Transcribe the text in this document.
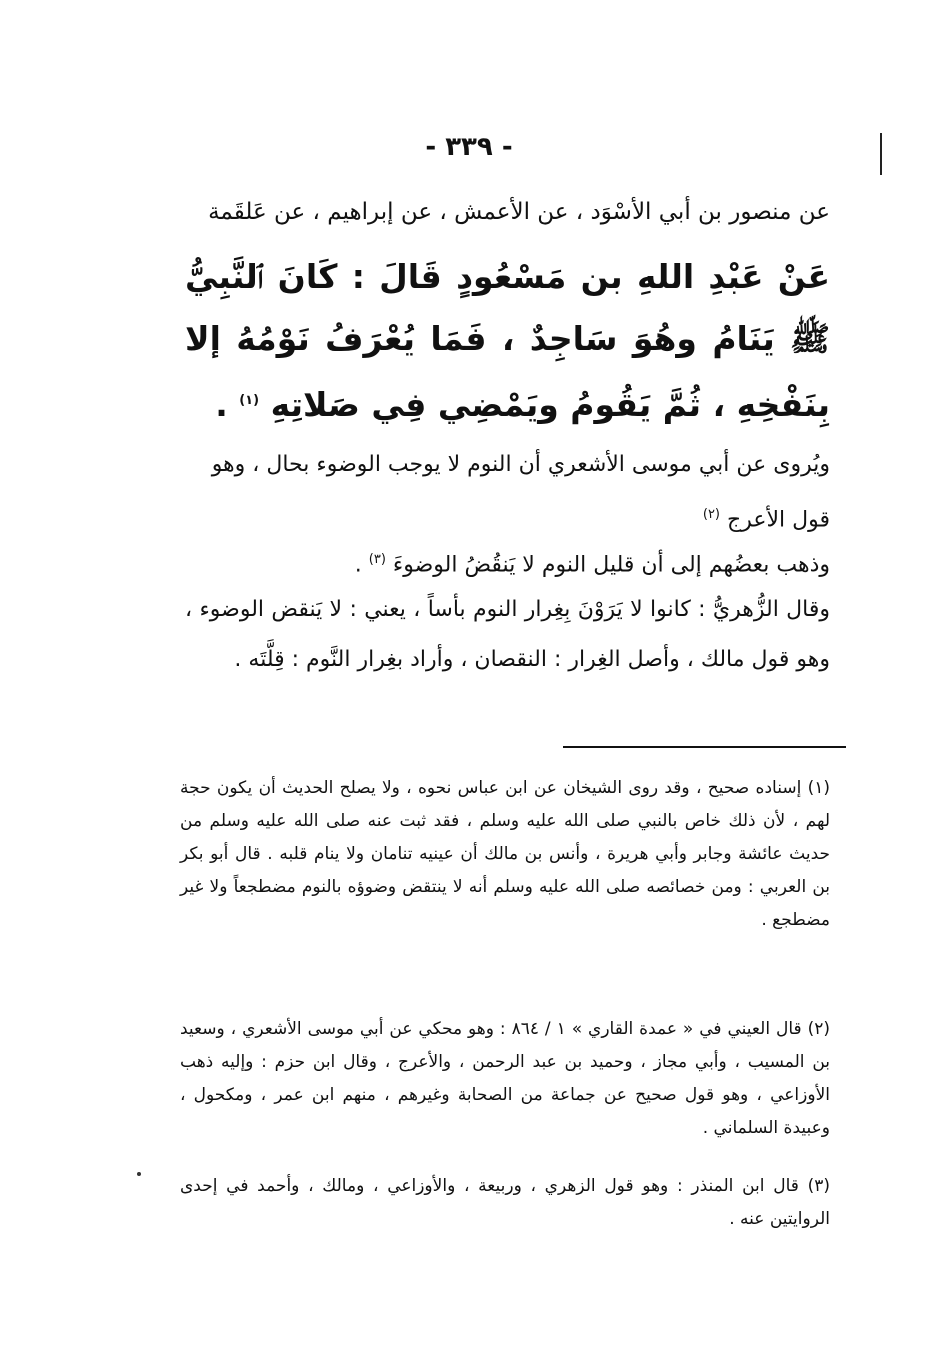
- ٣٣٩ -

عن منصور بن أبي الأسْوَد ، عن الأعمش ، عن إبراهيم ، عن عَلقَمة

عَنْ عَبْدِ اللهِ بن مَسْعُودٍ قَالَ : كَانَ ٱلنَّبِيُّ ﷺ يَنَامُ وهُوَ سَاجِدٌ ، فَمَا يُعْرَفُ نَوْمُهُ إلا بِنَفْخِهِ ، ثُمَّ يَقُومُ ويَمْضِي فِي صَلاتِهِ $^{(١)}$ .

ويُروى عن أبي موسى الأشعري أن النوم لا يوجب الوضوء بحال ، وهو قول الأعرج $^{(٢)}$

وذهب بعضُهم إلى أن قليل النوم لا يَنقُضُ الوضوءَ $^{(٣)}$ .

وقال الزُّهريُّ : كانوا لا يَرَوْنَ بِغِرار النوم بأساً ، يعني : لا يَنقض الوضوء ، وهو قول مالك ، وأصل الغِرار : النقصان ، وأراد بغِرار النَّوم : قِلَّتَه .

(١) إسناده صحيح ، وقد روى الشيخان عن ابن عباس نحوه ، ولا يصلح الحديث أن يكون حجة لهم ، لأن ذلك خاص بالنبي صلى الله عليه وسلم ، فقد ثبت عنه صلى الله عليه وسلم من حديث عائشة وجابر وأبي هريرة ، وأنس بن مالك أن عينيه تنامان ولا ينام قلبه . قال أبو بكر بن العربي : ومن خصائصه صلى الله عليه وسلم أنه لا ينتقض وضوؤه بالنوم مضطجعاً ولا غير مضطجع .

(٢) قال العيني في « عمدة القاري » ١ / ٨٦٤ : وهو محكي عن أبي موسى الأشعري ، وسعيد بن المسيب ، وأبي مجاز ، وحميد بن عبد الرحمن ، والأعرج ، وقال ابن حزم : وإليه ذهب الأوزاعي ، وهو قول صحيح عن جماعة من الصحابة وغيرهم ، منهم ابن عمر ، ومكحول ، وعبيدة السلماني .

(٣) قال ابن المنذر : وهو قول الزهري ، وربيعة ، والأوزاعي ، ومالك ، وأحمد في إحدى الروايتين عنه .
